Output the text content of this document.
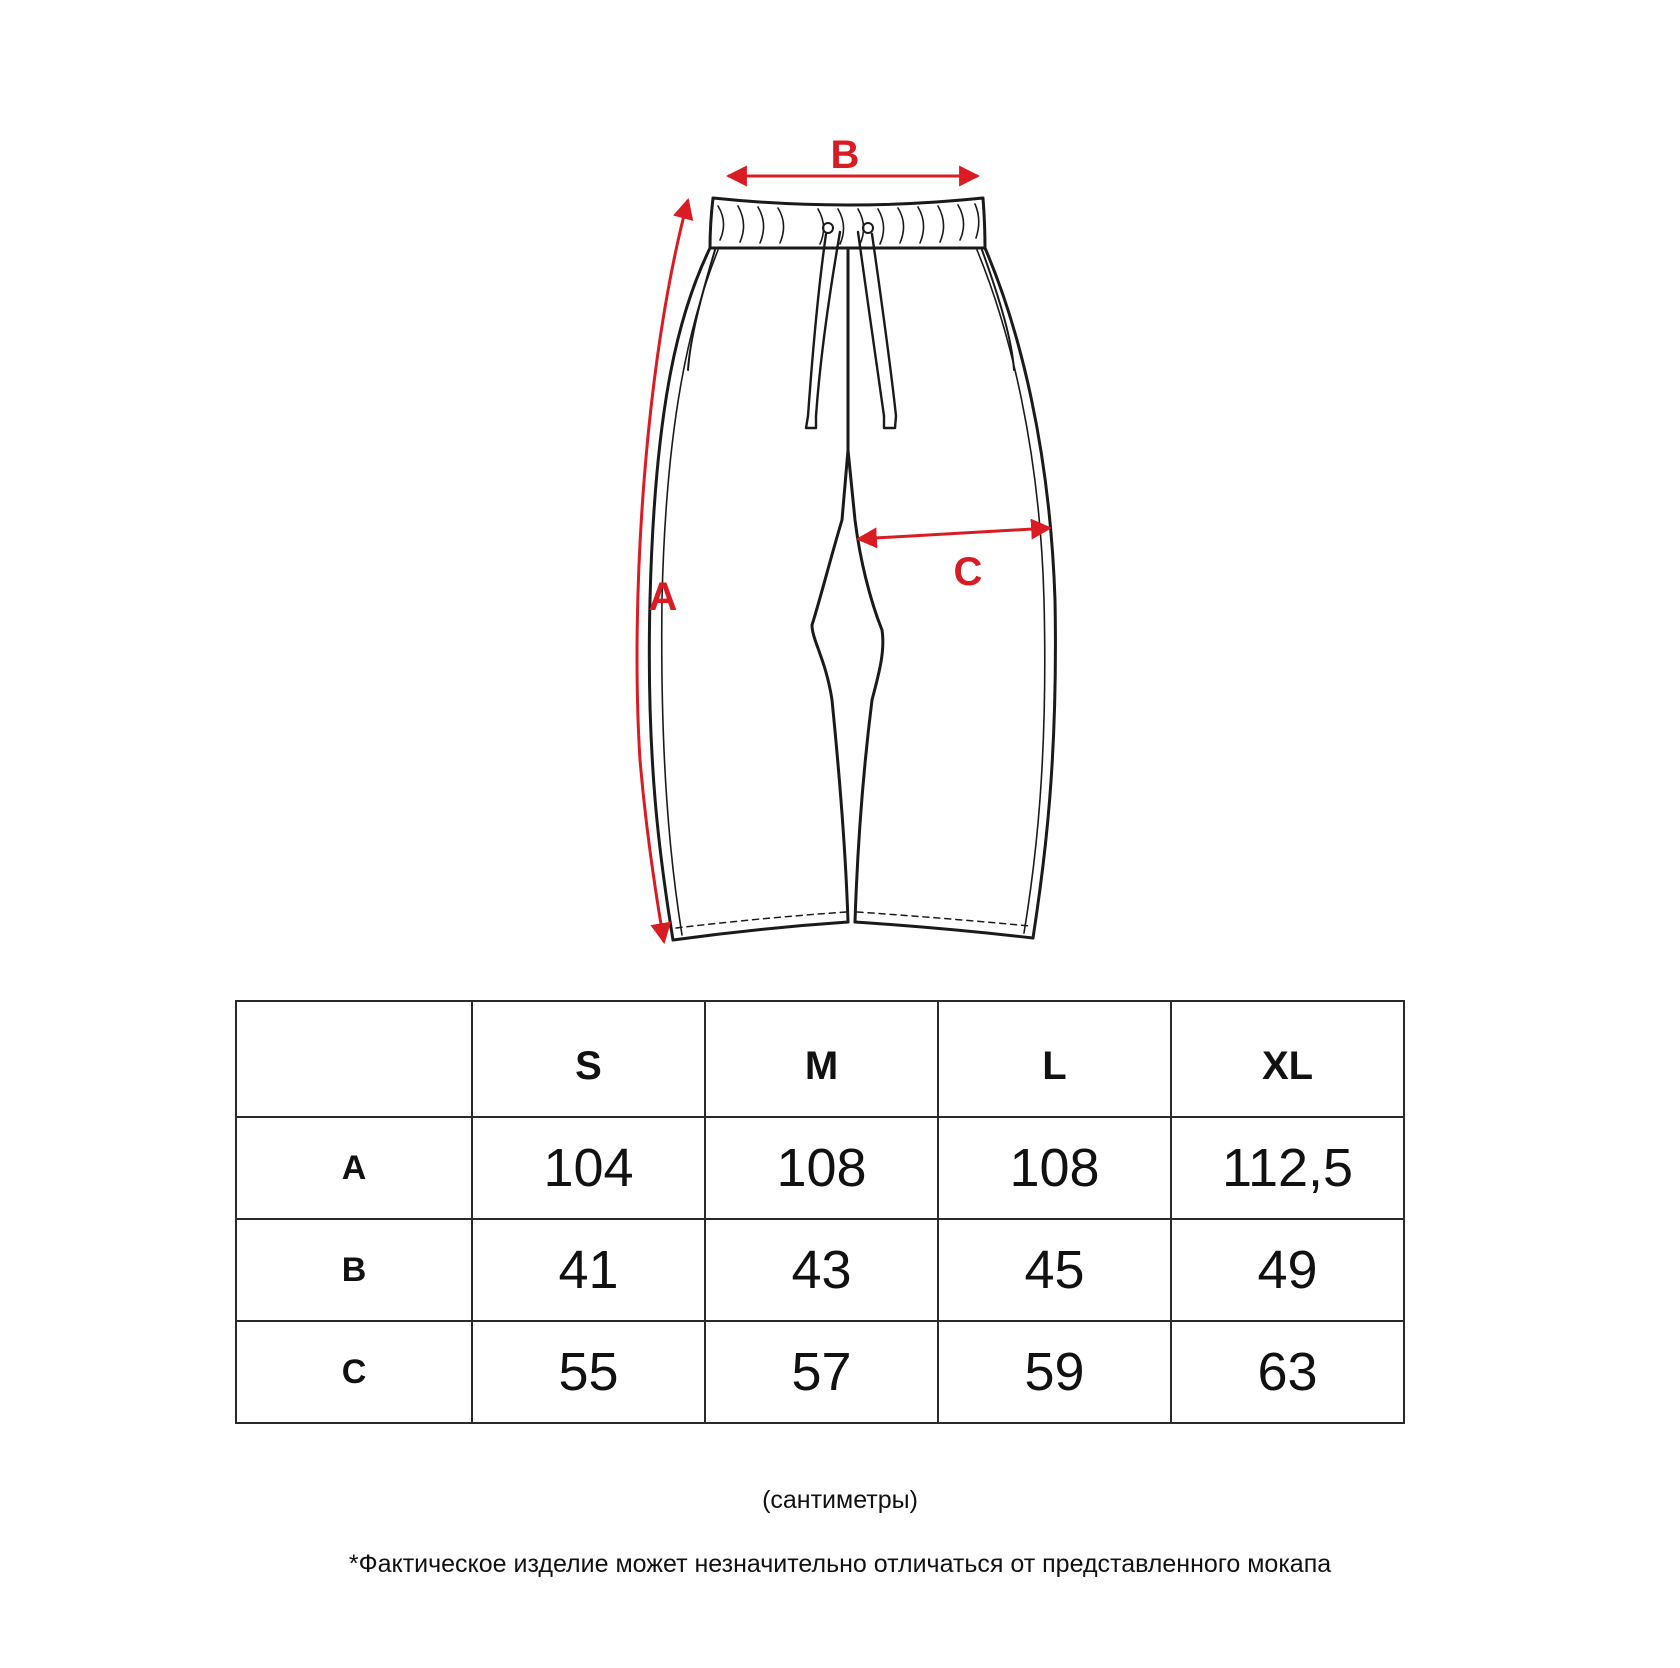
B
A
C
	S	M	L	XL
A	104	108	108	112,5
B	41	43	45	49
C	55	57	59	63
(сантиметры)
*Фактическое изделие может незначительно отличаться от представленного мокапа
